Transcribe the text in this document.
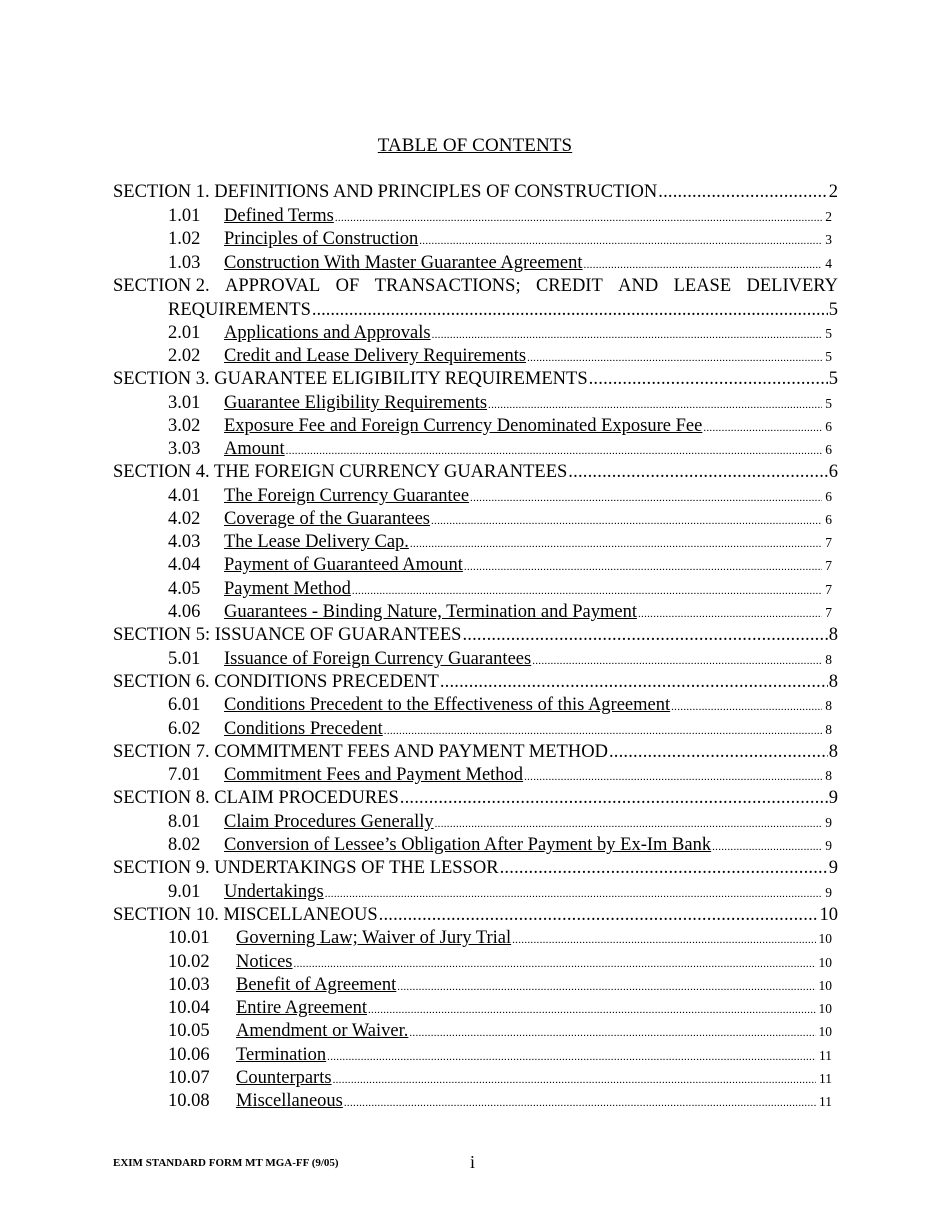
TABLE OF CONTENTS
SECTION 1. DEFINITIONS AND PRINCIPLES OF CONSTRUCTION .....	2
1.01	Defined Terms .....	2
1.02	Principles of Construction .....	3
1.03	Construction With Master Guarantee Agreement .....	4
SECTION 2. APPROVAL OF TRANSACTIONS; CREDIT AND LEASE DELIVERY
REQUIREMENTS .....	5
2.01	Applications and Approvals .....	5
2.02	Credit and Lease Delivery Requirements .....	5
SECTION 3. GUARANTEE ELIGIBILITY REQUIREMENTS .....	5
3.01	Guarantee Eligibility Requirements .....	5
3.02	Exposure Fee and Foreign Currency Denominated Exposure Fee .....	6
3.03	Amount .....	6
SECTION 4. THE FOREIGN CURRENCY GUARANTEES .....	6
4.01	The Foreign Currency Guarantee .....	6
4.02	Coverage of the Guarantees .....	6
4.03	The Lease Delivery Cap. .....	7
4.04	Payment of Guaranteed Amount .....	7
4.05	Payment Method .....	7
4.06	Guarantees - Binding Nature, Termination and Payment .....	7
SECTION 5: ISSUANCE OF GUARANTEES .....	8
5.01	Issuance of Foreign Currency Guarantees .....	8
SECTION 6. CONDITIONS PRECEDENT .....	8
6.01	Conditions Precedent to the Effectiveness of this Agreement .....	8
6.02	Conditions Precedent .....	8
SECTION 7. COMMITMENT FEES AND PAYMENT METHOD .....	8
7.01	Commitment Fees and Payment Method .....	8
SECTION 8. CLAIM PROCEDURES .....	9
8.01	Claim Procedures Generally .....	9
8.02	Conversion of Lessee’s Obligation After Payment by Ex-Im Bank .....	9
SECTION 9. UNDERTAKINGS OF THE LESSOR .....	9
9.01	Undertakings .....	9
SECTION 10. MISCELLANEOUS .....	10
10.01	Governing Law; Waiver of Jury Trial .....	10
10.02	Notices .....	10
10.03	Benefit of Agreement .....	10
10.04	Entire Agreement .....	10
10.05	Amendment or Waiver. .....	10
10.06	Termination .....	11
10.07	Counterparts .....	11
10.08	Miscellaneous .....	11
EXIM STANDARD FORM MT MGA-FF (9/05)	i
